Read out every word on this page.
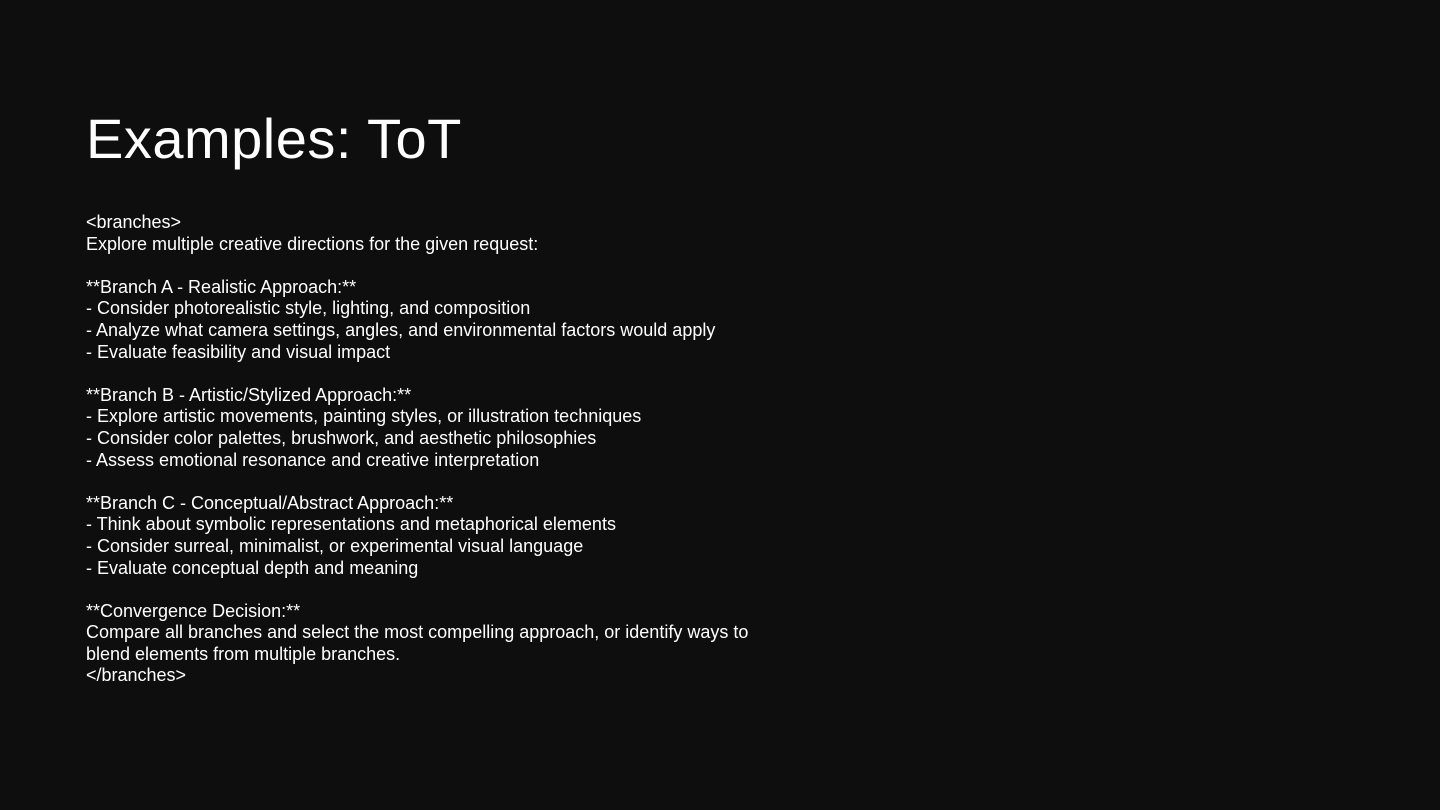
Examples: ToT
<branches>
Explore multiple creative directions for the given request:
**Branch A - Realistic Approach:**
- Consider photorealistic style, lighting, and composition
- Analyze what camera settings, angles, and environmental factors would apply
- Evaluate feasibility and visual impact
**Branch B - Artistic/Stylized Approach:**
- Explore artistic movements, painting styles, or illustration techniques
- Consider color palettes, brushwork, and aesthetic philosophies
- Assess emotional resonance and creative interpretation
**Branch C - Conceptual/Abstract Approach:**
- Think about symbolic representations and metaphorical elements
- Consider surreal, minimalist, or experimental visual language
- Evaluate conceptual depth and meaning
**Convergence Decision:**
Compare all branches and select the most compelling approach, or identify ways to blend elements from multiple branches.
</branches>
